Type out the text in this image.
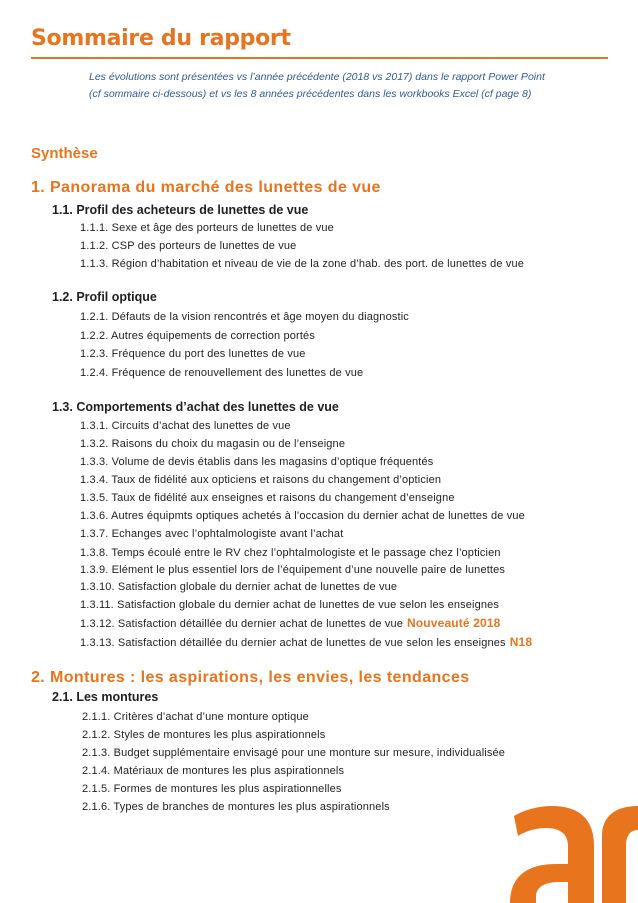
Sommaire du rapport
Les évolutions sont présentées vs l’année précédente (2018 vs 2017) dans le rapport Power Point
(cf sommaire ci-dessous) et vs les 8 années précédentes dans les workbooks Excel (cf page 8)
Synthèse
1. Panorama du marché des lunettes de vue
1.1. Profil des acheteurs de lunettes de vue
1.1.1. Sexe et âge des porteurs de lunettes de vue
1.1.2. CSP des porteurs de lunettes de vue
1.1.3. Région d’habitation et niveau de vie de la zone d’hab. des port. de lunettes de vue
1.2. Profil optique
1.2.1. Défauts de la vision rencontrés et âge moyen du diagnostic
1.2.2. Autres équipements de correction portés
1.2.3. Fréquence du port des lunettes de vue
1.2.4. Fréquence de renouvellement des lunettes de vue
1.3. Comportements d’achat des lunettes de vue
1.3.1. Circuits d’achat des lunettes de vue
1.3.2. Raisons du choix du magasin ou de l’enseigne
1.3.3. Volume de devis établis dans les magasins d’optique fréquentés
1.3.4. Taux de fidélité aux opticiens et raisons du changement d’opticien
1.3.5. Taux de fidélité aux enseignes et raisons du changement d’enseigne
1.3.6. Autres équipmts optiques achetés à l’occasion du dernier achat de lunettes de vue
1.3.7. Echanges avec l’ophtalmologiste avant l’achat
1.3.8. Temps écoulé entre le RV chez l’ophtalmologiste et le passage chez l’opticien
1.3.9. Elément le plus essentiel lors de l’équipement d’une nouvelle paire de lunettes
1.3.10. Satisfaction globale du dernier achat de lunettes de vue
1.3.11. Satisfaction globale du dernier achat de lunettes de vue selon les enseignes
1.3.12. Satisfaction détaillée du dernier achat de lunettes de vue Nouveauté 2018
1.3.13. Satisfaction détaillée du dernier achat de lunettes de vue selon les enseignes N18
2. Montures : les aspirations, les envies, les tendances
2.1. Les montures
2.1.1. Critères d’achat d’une monture optique
2.1.2. Styles de montures les plus aspirationnels
2.1.3. Budget supplémentaire envisagé pour une monture sur mesure, individualisée
2.1.4. Matériaux de montures les plus aspirationnels
2.1.5. Formes de montures les plus aspirationnelles
2.1.6. Types de branches de montures les plus aspirationnels
